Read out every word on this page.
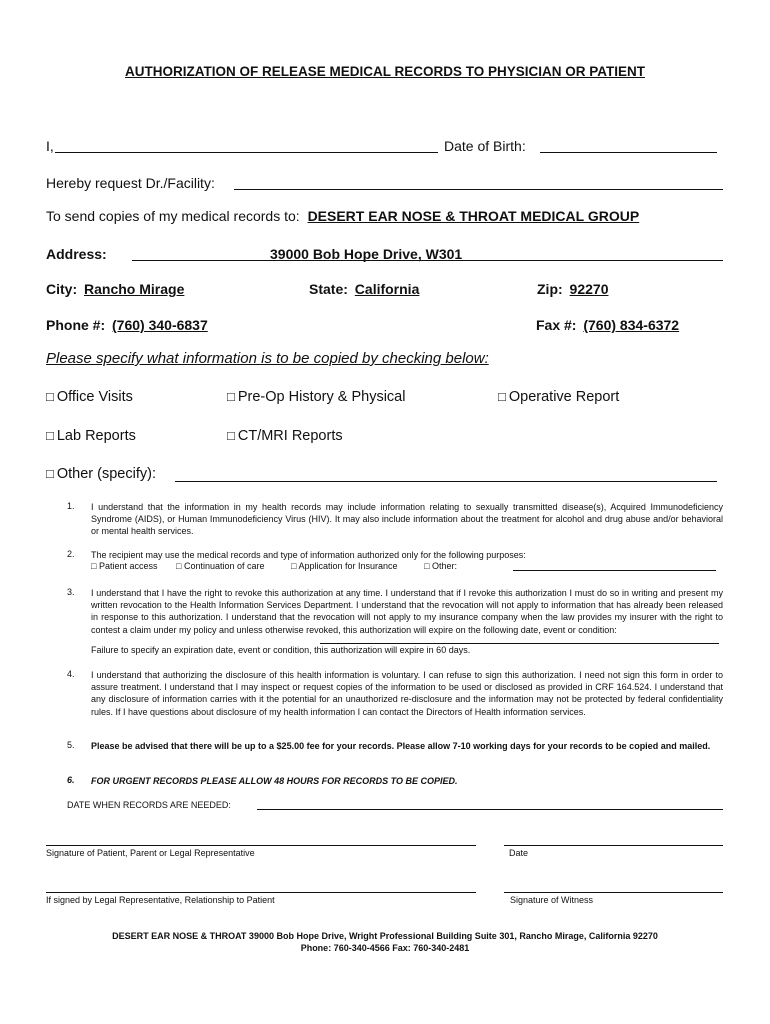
AUTHORIZATION OF RELEASE MEDICAL RECORDS TO PHYSICIAN OR PATIENT
I,	Date of Birth:
Hereby request Dr./Facility:
To send copies of my medical records to: DESERT EAR NOSE & THROAT MEDICAL GROUP
Address:	39000 Bob Hope Drive, W301
City: Rancho Mirage	State: California	Zip: 92270
Phone #: (760) 340-6837	Fax #: (760) 834-6372
Please specify what information is to be copied by checking below:
□ Office Visits	□ Pre-Op History & Physical	□ Operative Report
□ Lab Reports	□ CT/MRI Reports
□ Other (specify):
1. I understand that the information in my health records may include information relating to sexually transmitted disease(s), Acquired Immunodeficiency Syndrome (AIDS), or Human Immunodeficiency Virus (HIV). It may also include information about the treatment for alcohol and drug abuse and/or behavioral or mental health services.
2. The recipient may use the medical records and type of information authorized only for the following purposes:
□ Patient access □ Continuation of care	□ Application for Insurance	□ Other:
3. I understand that I have the right to revoke this authorization at any time. I understand that if I revoke this authorization I must do so in writing and present my written revocation to the Health Information Services Department. I understand that the revocation will not apply to information that has already been released in response to this authorization. I understand that the revocation will not apply to my insurance company when the law provides my insurer with the right to contest a claim under my policy and unless otherwise revoked, this authorization will expire on the following date, event or condition:
Failure to specify an expiration date, event or condition, this authorization will expire in 60 days.
4. I understand that authorizing the disclosure of this health information is voluntary. I can refuse to sign this authorization. I need not sign this form in order to assure treatment. I understand that I may inspect or request copies of the information to be used or disclosed as provided in CRF 164.524. I understand that any disclosure of information carries with it the potential for an unauthorized re-disclosure and the information may not be protected by federal confidentiality rules. If I have questions about disclosure of my health information I can contact the Directors of Health information services.
5. Please be advised that there will be up to a $25.00 fee for your records. Please allow 7-10 working days for your records to be copied and mailed.
6. FOR URGENT RECORDS PLEASE ALLOW 48 HOURS FOR RECORDS TO BE COPIED.
DATE WHEN RECORDS ARE NEEDED:
Signature of Patient, Parent or Legal Representative	Date
If signed by Legal Representative, Relationship to Patient	Signature of Witness
DESERT EAR NOSE & THROAT 39000 Bob Hope Drive, Wright Professional Building Suite 301, Rancho Mirage, California 92270
Phone: 760-340-4566 Fax: 760-340-2481
